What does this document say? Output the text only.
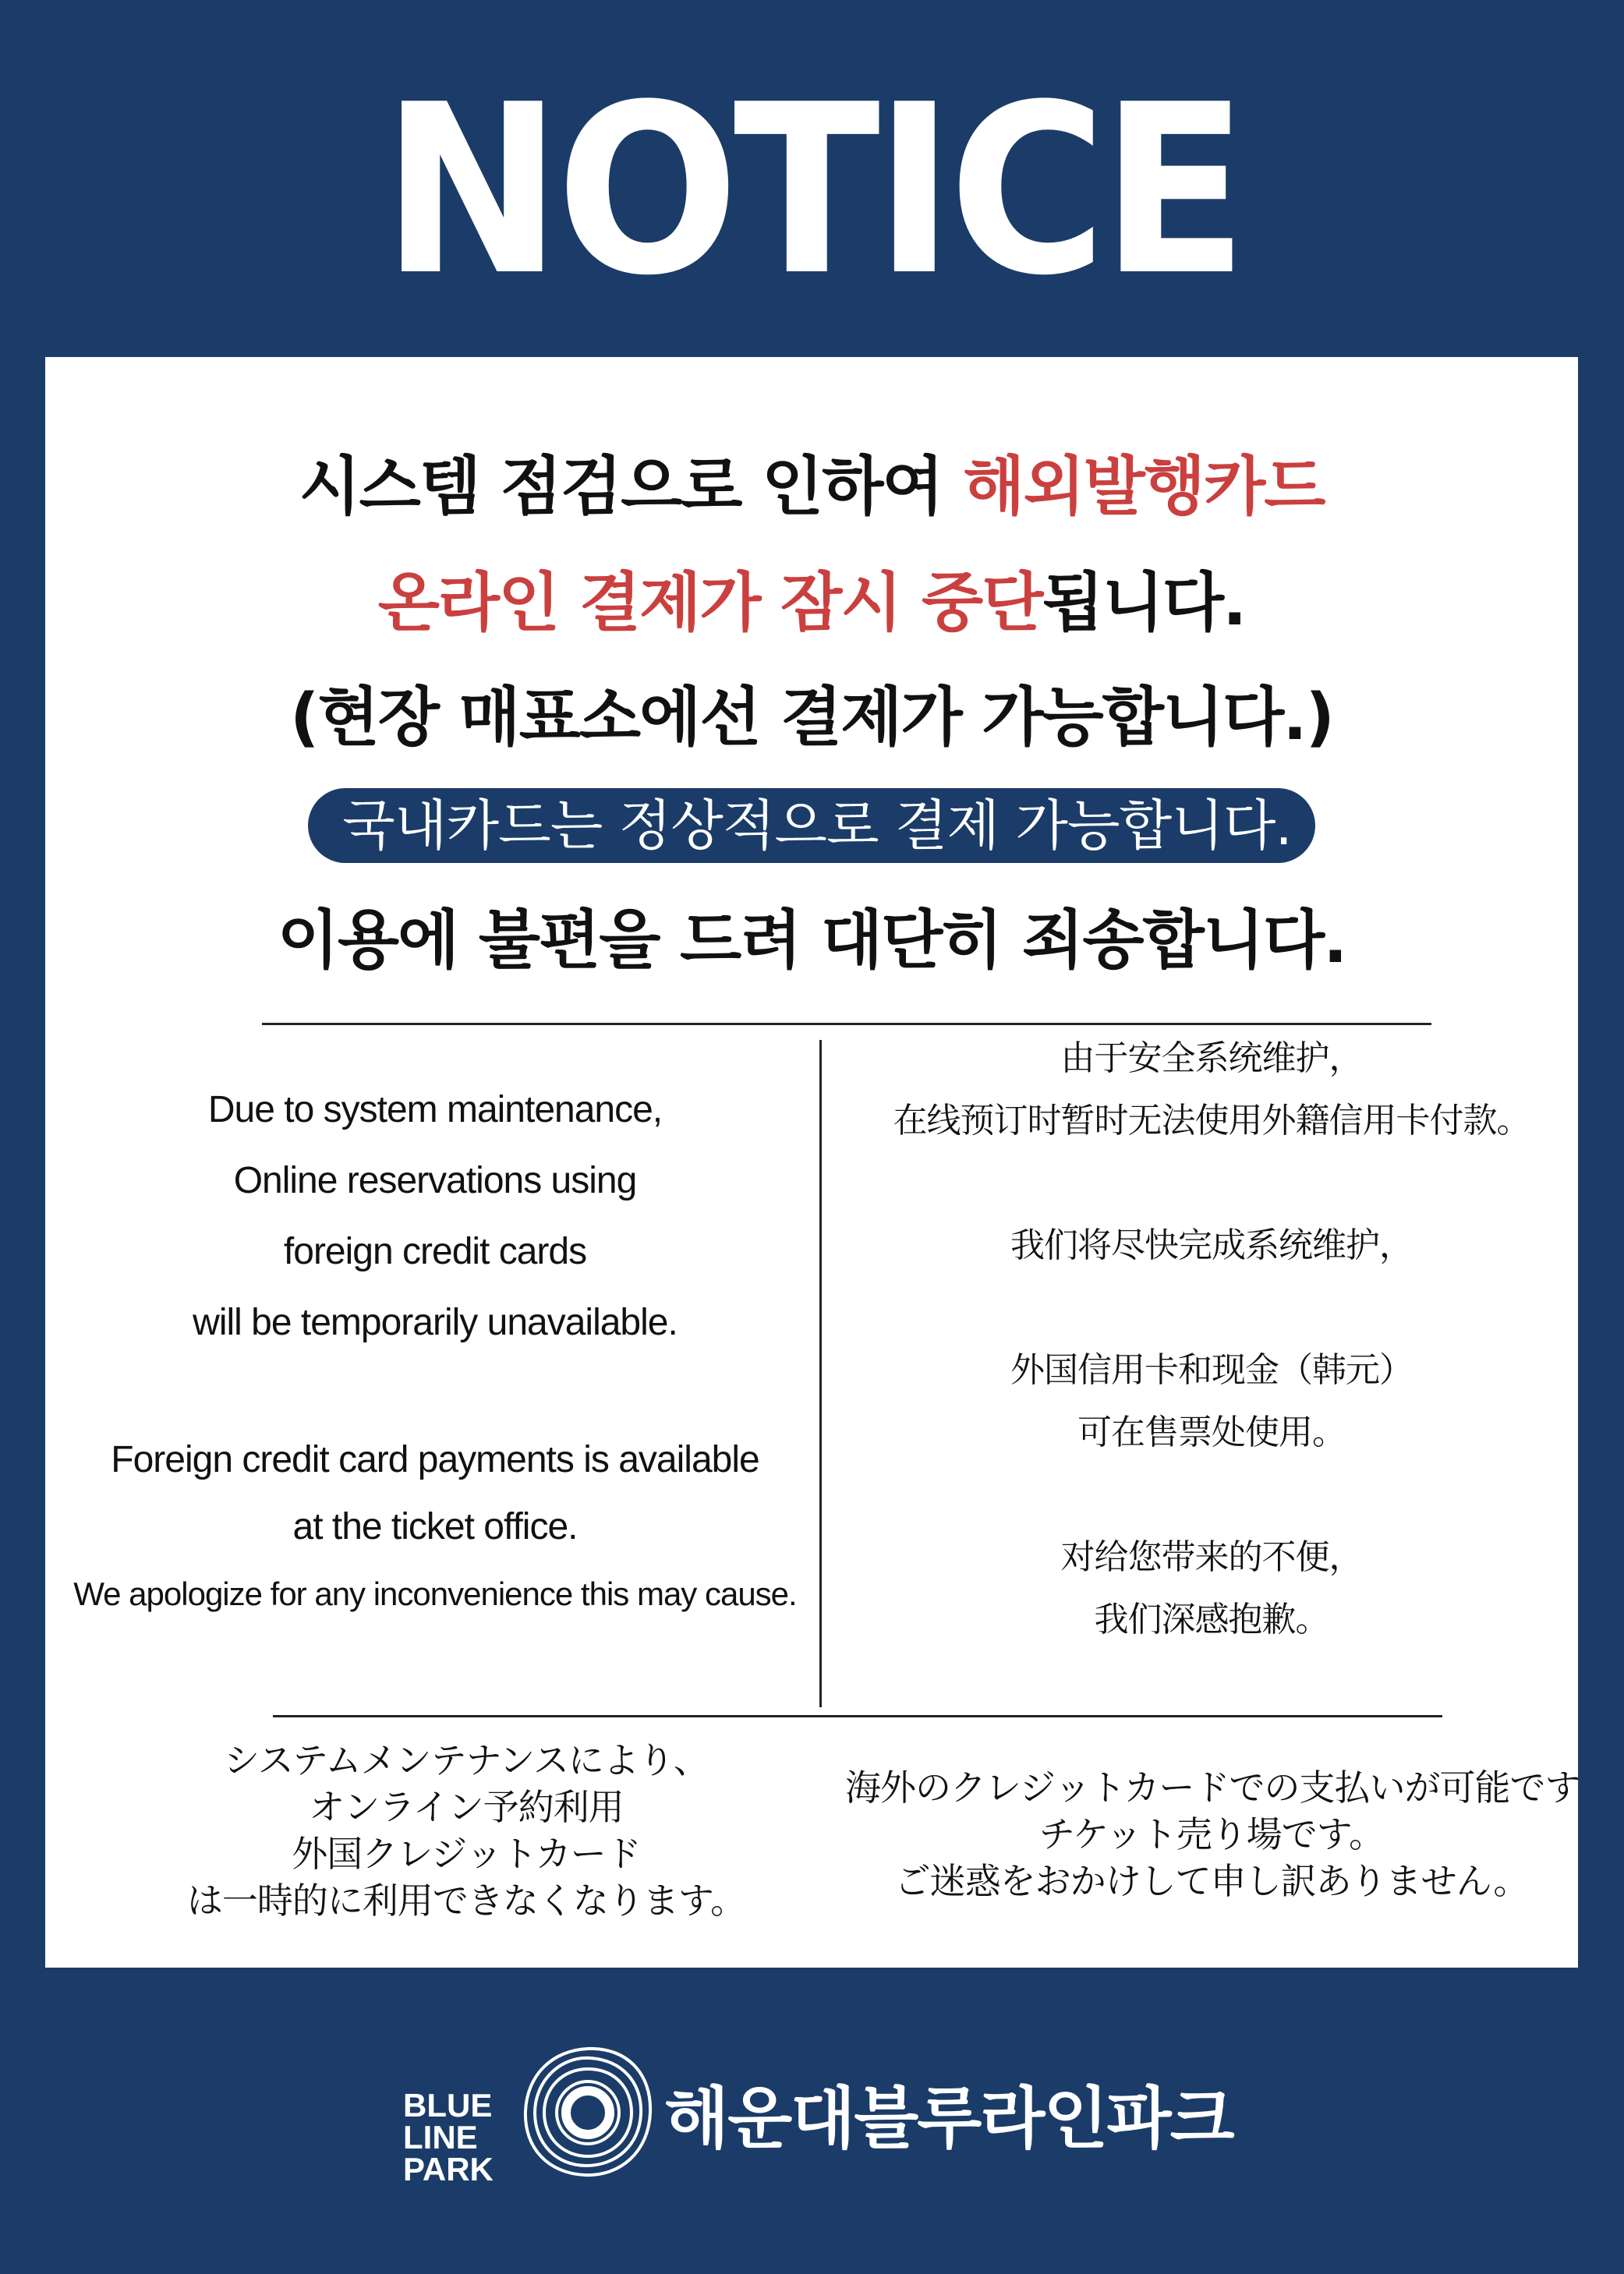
NOTICE
시스템 점검으로 인하여 해외발행카드
온라인 결제가 잠시 중단됩니다.
(현장 매표소에선 결제가 가능합니다.)
국내카드는 정상적으로 결제 가능합니다.
이용에 불편을 드려 대단히 죄송합니다.
Due to system maintenance,
Online reservations using
foreign credit cards
will be temporarily unavailable.
Foreign credit card payments is available
at the ticket office.
We apologize for any inconvenience this may cause.
由于安全系统维护，
在线预订时暂时无法使用外籍信用卡付款。
我们将尽快完成系统维护，
外国信用卡和现金（韩元）
可在售票处使用。
对给您带来的不便，
我们深感抱歉。
システムメンテナンスにより、
オンライン予約利用
外国クレジットカード
は一時的に利用できなくなります。
海外のクレジットカードでの支払いが可能です
チケット売り場です。
ご迷惑をおかけして申し訳ありません。
BLUE
LINE
PARK
해운대블루라인파크
